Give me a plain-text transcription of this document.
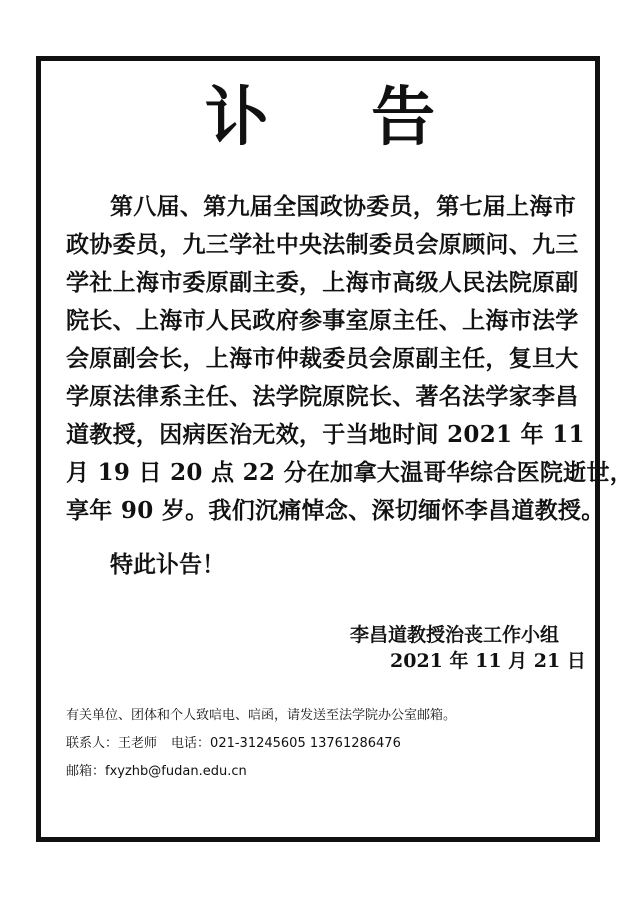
讣 告
第八届、第九届全国政协委员，第七届上海市
政协委员，九三学社中央法制委员会原顾问、九三
学社上海市委原副主委，上海市高级人民法院原副
院长、上海市人民政府参事室原主任、上海市法学
会原副会长，上海市仲裁委员会原副主任，复旦大
学原法律系主任、法学院原院长、著名法学家李昌
道教授，因病医治无效，于当地时间 2021 年 11
月 19 日 20 点 22 分在加拿大温哥华综合医院逝世，
享年 90 岁。我们沉痛悼念、深切缅怀李昌道教授。
特此讣告！
李昌道教授治丧工作小组
2021 年 11 月 21 日
有关单位、团体和个人致唁电、唁函，请发送至法学院办公室邮箱。
联系人：王老师 电话：021-31245605 13761286476
邮箱：fxyzhb@fudan.edu.cn
